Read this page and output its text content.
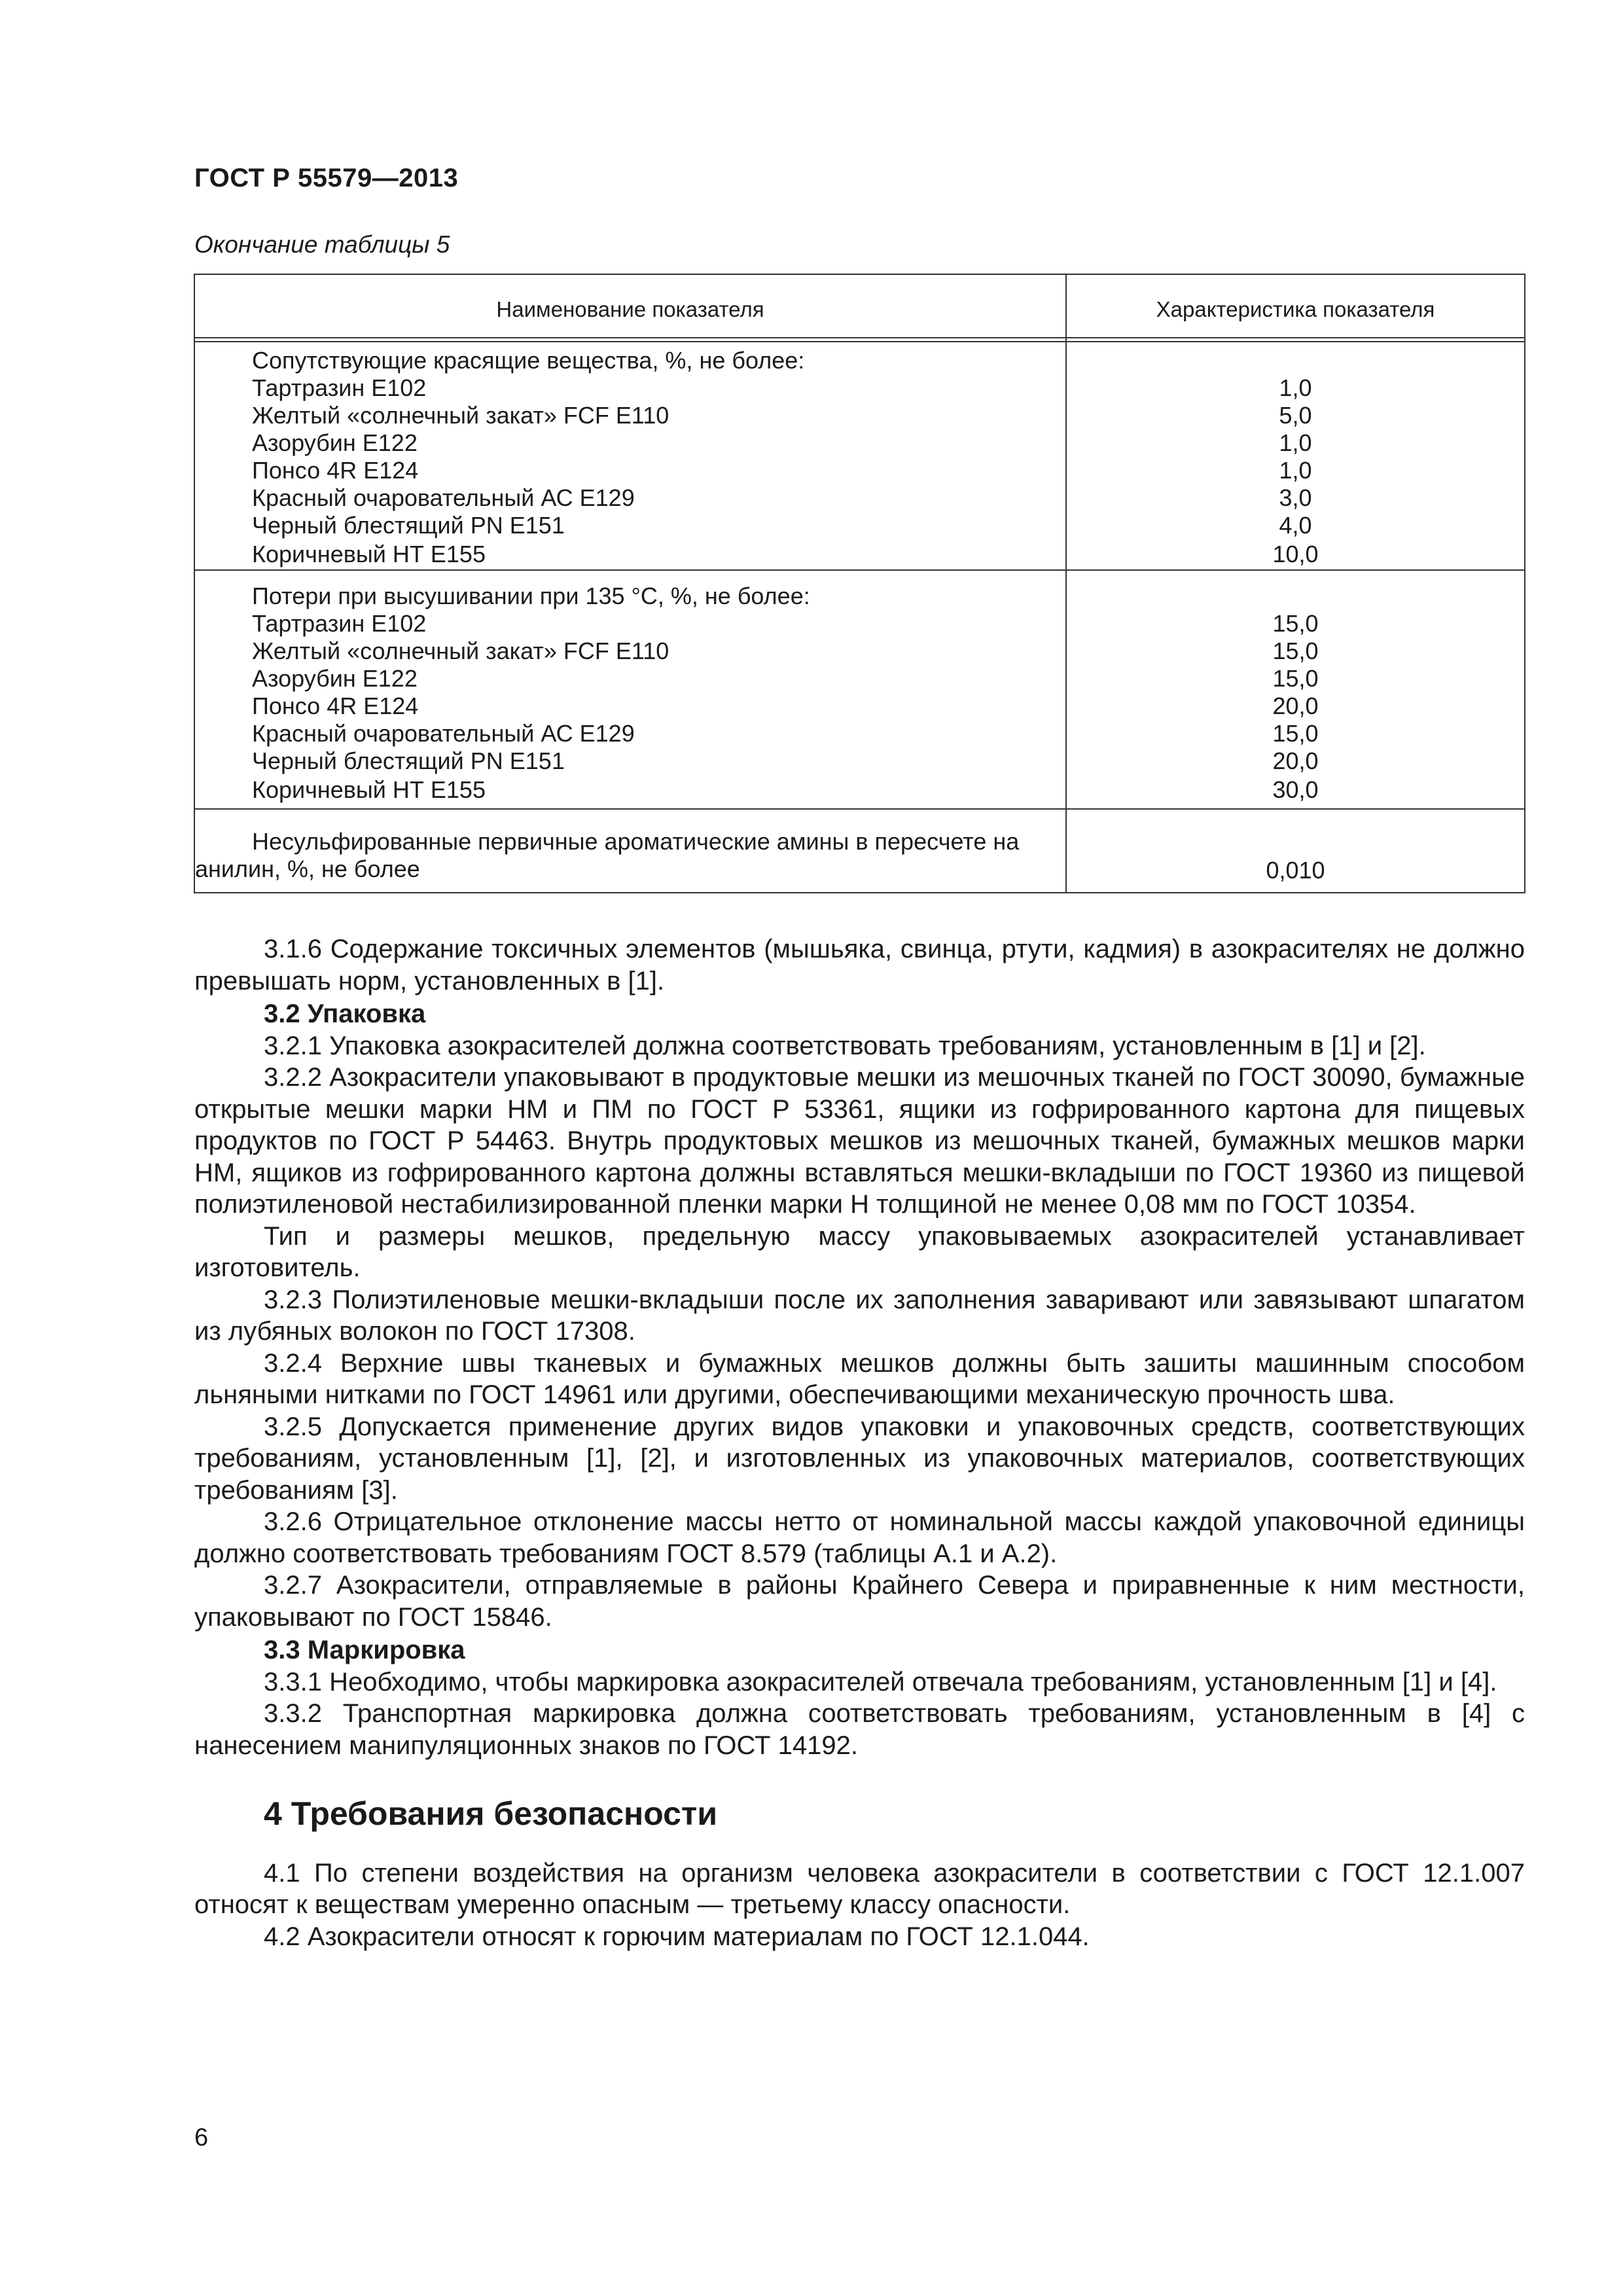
ГОСТ Р 55579—2013

Окончание таблицы 5

Наименование показателя	Характеристика показателя
Сопутствующие красящие вещества, %, не более:
Тартразин Е102	1,0
Желтый «солнечный закат» FCF Е110	5,0
Азорубин Е122	1,0
Понсо 4R Е124	1,0
Красный очаровательный АС Е129	3,0
Черный блестящий PN Е151	4,0
Коричневый НТ Е155	10,0
Потери при высушивании при 135 °С, %, не более:
Тартразин Е102	15,0
Желтый «солнечный закат» FCF Е110	15,0
Азорубин Е122	15,0
Понсо 4R Е124	20,0
Красный очаровательный АС Е129	15,0
Черный блестящий PN Е151	20,0
Коричневый НТ Е155	30,0
Несульфированные первичные ароматические амины в пересчете на
анилин, %, не более	0,010

3.1.6 Содержание токсичных элементов (мышьяка, свинца, ртути, кадмия) в азокрасителях не должно превышать норм, установленных в [1].

3.2 Упаковка

3.2.1 Упаковка азокрасителей должна соответствовать требованиям, установленным в [1] и [2].

3.2.2 Азокрасители упаковывают в продуктовые мешки из мешочных тканей по ГОСТ 30090, бумажные открытые мешки марки НМ и ПМ по ГОСТ Р 53361, ящики из гофрированного картона для пищевых продуктов по ГОСТ Р 54463. Внутрь продуктовых мешков из мешочных тканей, бумажных мешков марки НМ, ящиков из гофрированного картона должны вставляться мешки-вкладыши по ГОСТ 19360 из пищевой полиэтиленовой нестабилизированной пленки марки Н толщиной не менее 0,08 мм по ГОСТ 10354.

Тип и размеры мешков, предельную массу упаковываемых азокрасителей устанавливает изготовитель.

3.2.3 Полиэтиленовые мешки-вкладыши после их заполнения заваривают или завязывают шпагатом из лубяных волокон по ГОСТ 17308.

3.2.4 Верхние швы тканевых и бумажных мешков должны быть зашиты машинным способом льняными нитками по ГОСТ 14961 или другими, обеспечивающими механическую прочность шва.

3.2.5 Допускается применение других видов упаковки и упаковочных средств, соответствующих требованиям, установленным [1], [2], и изготовленных из упаковочных материалов, соответствующих требованиям [3].

3.2.6 Отрицательное отклонение массы нетто от номинальной массы каждой упаковочной единицы должно соответствовать требованиям ГОСТ 8.579 (таблицы А.1 и А.2).

3.2.7 Азокрасители, отправляемые в районы Крайнего Севера и приравненные к ним местности, упаковывают по ГОСТ 15846.

3.3 Маркировка

3.3.1 Необходимо, чтобы маркировка азокрасителей отвечала требованиям, установленным [1] и [4].

3.3.2 Транспортная маркировка должна соответствовать требованиям, установленным в [4] с нанесением манипуляционных знаков по ГОСТ 14192.

4 Требования безопасности

4.1 По степени воздействия на организм человека азокрасители в соответствии с ГОСТ 12.1.007 относят к веществам умеренно опасным — третьему классу опасности.

4.2 Азокрасители относят к горючим материалам по ГОСТ 12.1.044.

6
